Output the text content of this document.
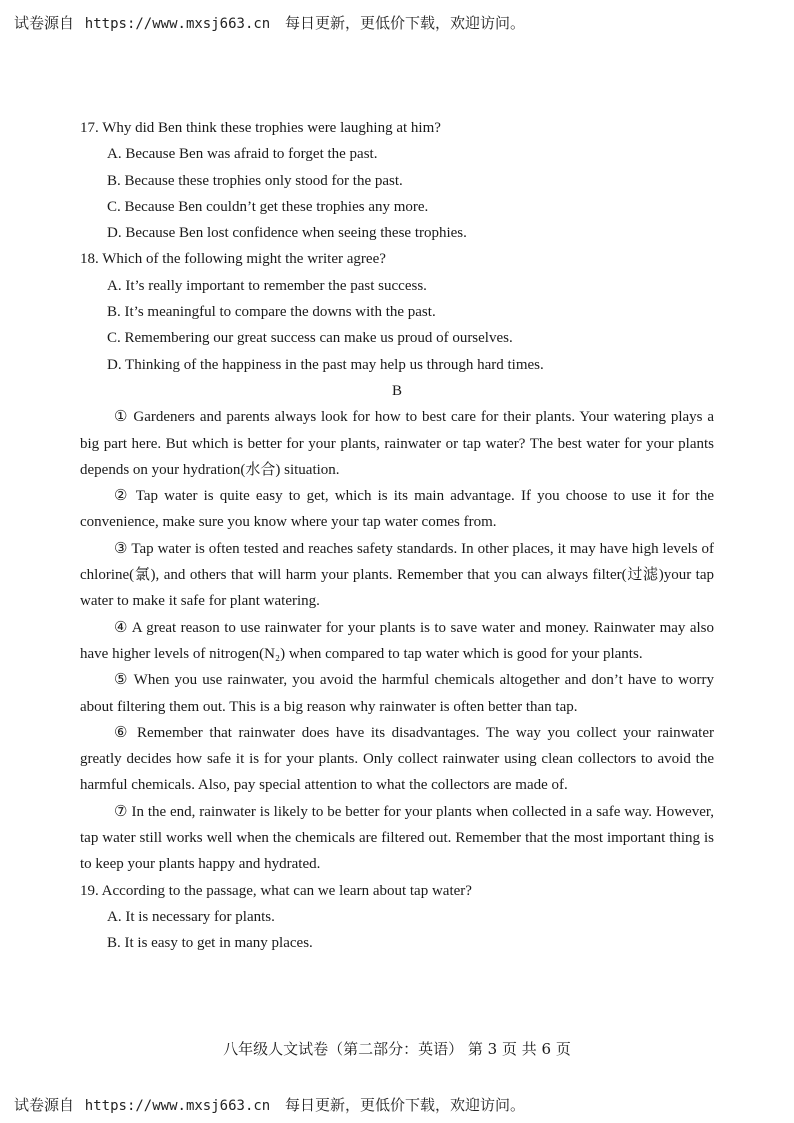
试卷源自 https://www.mxsj663.cn 每日更新，更低价下载，欢迎访问。

17. Why did Ben think these trophies were laughing at him?

A. Because Ben was afraid to forget the past.

B. Because these trophies only stood for the past.

C. Because Ben couldn’t get these trophies any more.

D. Because Ben lost confidence when seeing these trophies.

18. Which of the following might the writer agree?

A. It’s really important to remember the past success.

B. It’s meaningful to compare the downs with the past.

C. Remembering our great success can make us proud of ourselves.

D. Thinking of the happiness in the past may help us through hard times.

B

① Gardeners and parents always look for how to best care for their plants. Your watering plays a big part here. But which is better for your plants, rainwater or tap water? The best water for your plants depends on your hydration(水合) situation.

② Tap water is quite easy to get, which is its main advantage. If you choose to use it for the convenience, make sure you know where your tap water comes from.

③ Tap water is often tested and reaches safety standards. In other places, it may have high levels of chlorine(氯), and others that will harm your plants. Remember that you can always filter(过滤)your tap water to make it safe for plant watering.

④ A great reason to use rainwater for your plants is to save water and money. Rainwater may also have higher levels of nitrogen(N₂) when compared to tap water which is good for your plants.

⑤ When you use rainwater, you avoid the harmful chemicals altogether and don’t have to worry about filtering them out. This is a big reason why rainwater is often better than tap.

⑥ Remember that rainwater does have its disadvantages. The way you collect your rainwater greatly decides how safe it is for your plants. Only collect rainwater using clean collectors to avoid the harmful chemicals. Also, pay special attention to what the collectors are made of.

⑦ In the end, rainwater is likely to be better for your plants when collected in a safe way. However, tap water still works well when the chemicals are filtered out. Remember that the most important thing is to keep your plants happy and hydrated.

19. According to the passage, what can we learn about tap water?

A. It is necessary for plants.

B. It is easy to get in many places.

八年级人文试卷（第二部分：英语） 第 3 页 共 6 页
试卷源自 https://www.mxsj663.cn 每日更新，更低价下载，欢迎访问。
